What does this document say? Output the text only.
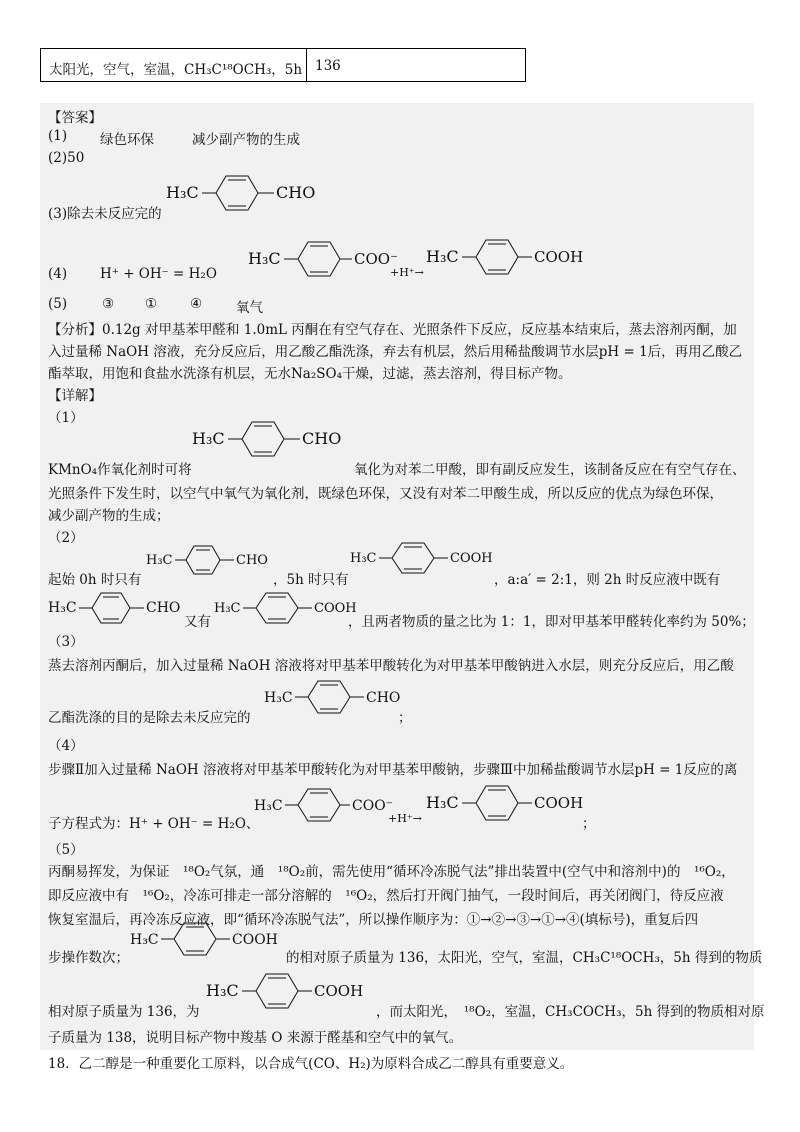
太阳光，空气，室温，CH₃C¹⁸OCH₃，5h 136
【答案】
(1) 绿色环保	减少副产物的生成
(2)50
(3)除去未反应完的
H₃C	CHO
(4) H⁺ + OH⁻ = H₂O
H₃C	COO⁻
+H⁺→
H₃C	COOH
(5)	③ ① ④	氧气
【分析】0.12g 对甲基苯甲醛和 1.0mL 丙酮在有空气存在、光照条件下反应，反应基本结束后，蒸去溶剂丙酮，加
入过量稀 NaOH 溶液，充分反应后，用乙酸乙酯洗涤，弃去有机层，然后用稀盐酸调节水层pH = 1后，再用乙酸乙
酯萃取，用饱和食盐水洗涤有机层，无水Na₂SO₄干燥，过滤，蒸去溶剂，得目标产物。
【详解】
（1）
H₃C	CHO
KMnO₄作氧化剂时可将	氧化为对苯二甲酸，即有副反应发生，该制备反应在有空气存在、
光照条件下发生时，以空气中氧气为氧化剂，既绿色环保，又没有对苯二甲酸生成，所以反应的优点为绿色环保，
减少副产物的生成；
（2）
起始 0h 时只有
H₃C	CHO
，5h 时只有
H₃C	COOH
，a:a′ = 2:1，则 2h 时反应液中既有
H₃C	CHO
又有
H₃C	COOH
，且两者物质的量之比为 1：1，即对甲基苯甲醛转化率约为 50%；
（3）
蒸去溶剂丙酮后，加入过量稀 NaOH 溶液将对甲基苯甲酸转化为对甲基苯甲酸钠进入水层，则充分反应后，用乙酸
乙酯洗涤的目的是除去未反应完的
H₃C	CHO
；
（4）
步骤Ⅱ加入过量稀 NaOH 溶液将对甲基苯甲酸转化为对甲基苯甲酸钠，步骤Ⅲ中加稀盐酸调节水层pH = 1反应的离
子方程式为：H⁺ + OH⁻ = H₂O、
H₃C	COO⁻
+H⁺→
H₃C	COOH
；
（5）
丙酮易挥发，为保证　¹⁸O₂气氛，通　¹⁸O₂前，需先使用“循环冷冻脱气法”排出装置中(空气中和溶剂中)的　¹⁶O₂，
即反应液中有　¹⁶O₂，冷冻可排走一部分溶解的　¹⁶O₂，然后打开阀门抽气，一段时间后，再关闭阀门，待反应液
恢复室温后，再冷冻反应液，即“循环冷冻脱气法”，所以操作顺序为：①→②→③→①→④(填标号)，重复后四
步操作数次；
H₃C	COOH
的相对原子质量为 136，太阳光，空气，室温，CH₃C¹⁸OCH₃，5h 得到的物质
相对原子质量为 136，为
H₃C	COOH
，而太阳光，　¹⁸O₂，室温，CH₃COCH₃，5h 得到的物质相对原
子质量为 138，说明目标产物中羧基 O 来源于醛基和空气中的氧气。
18．乙二醇是一种重要化工原料，以合成气(CO、H₂)为原料合成乙二醇具有重要意义。
